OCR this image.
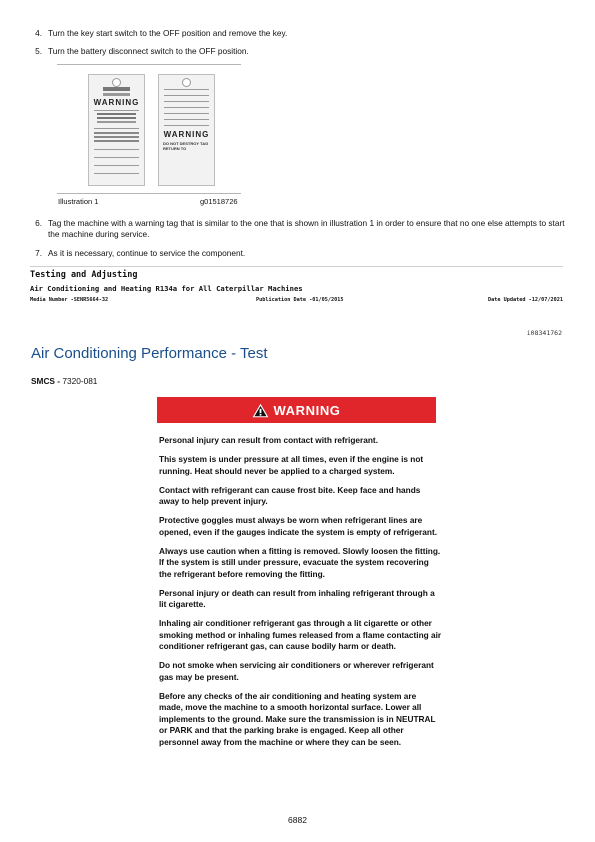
4. Turn the key start switch to the OFF position and remove the key.
5. Turn the battery disconnect switch to the OFF position.
WARNING
WARNING
DO NOT DESTROY TAG RETURN TO
Illustration 1	g01518726
6. Tag the machine with a warning tag that is similar to the one that is shown in illustration 1 in order to ensure that no one else attempts to start the machine during service.
7. As it is necessary, continue to service the component.
Testing and Adjusting
Air Conditioning and Heating R134a for All Caterpillar Machines
Media Number -SENR5664-32	Publication Date -01/05/2015	Date Updated -12/07/2021
i08341762
Air Conditioning Performance - Test
SMCS - 7320-081
WARNING

Personal injury can result from contact with refrigerant.

This system is under pressure at all times, even if the engine is not running. Heat should never be applied to a charged system.

Contact with refrigerant can cause frost bite. Keep face and hands away to help prevent injury.

Protective goggles must always be worn when refrigerant lines are opened, even if the gauges indicate the system is empty of refrigerant.

Always use caution when a fitting is removed. Slowly loosen the fitting. If the system is still under pressure, evacuate the system recovering the refrigerant before removing the fitting.

Personal injury or death can result from inhaling refrigerant through a lit cigarette.

Inhaling air conditioner refrigerant gas through a lit cigarette or other smoking method or inhaling fumes released from a flame contacting air conditioner refrigerant gas, can cause bodily harm or death.

Do not smoke when servicing air conditioners or wherever refrigerant gas may be present.

Before any checks of the air conditioning and heating system are made, move the machine to a smooth horizontal surface. Lower all implements to the ground. Make sure the transmission is in NEUTRAL or PARK and that the parking brake is engaged. Keep all other personnel away from the machine or where they can be seen.

6882
